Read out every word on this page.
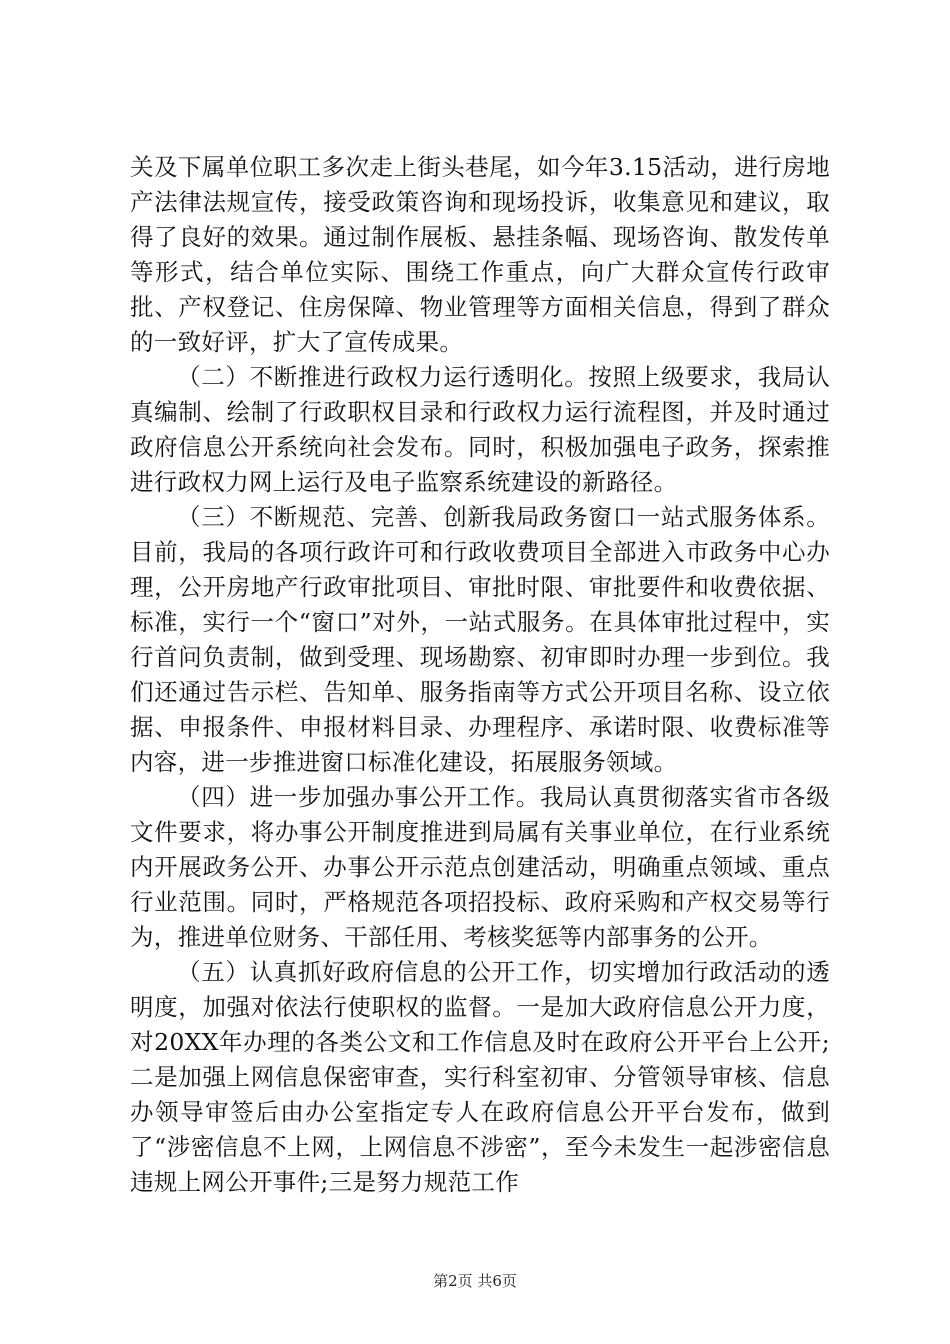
关及下属单位职工多次走上街头巷尾，如今年3.15活动，进行房地产法律法规宣传，接受政策咨询和现场投诉，收集意见和建议，取得了良好的效果。通过制作展板、悬挂条幅、现场咨询、散发传单等形式，结合单位实际、围绕工作重点，向广大群众宣传行政审批、产权登记、住房保障、物业管理等方面相关信息，得到了群众的一致好评，扩大了宣传成果。

（二）不断推进行政权力运行透明化。按照上级要求，我局认真编制、绘制了行政职权目录和行政权力运行流程图，并及时通过政府信息公开系统向社会发布。同时，积极加强电子政务，探索推进行政权力网上运行及电子监察系统建设的新路径。

（三）不断规范、完善、创新我局政务窗口一站式服务体系。目前，我局的各项行政许可和行政收费项目全部进入市政务中心办理，公开房地产行政审批项目、审批时限、审批要件和收费依据、标准，实行一个“窗口”对外，一站式服务。在具体审批过程中，实行首问负责制，做到受理、现场勘察、初审即时办理一步到位。我们还通过告示栏、告知单、服务指南等方式公开项目名称、设立依据、申报条件、申报材料目录、办理程序、承诺时限、收费标准等内容，进一步推进窗口标准化建设，拓展服务领域。

（四）进一步加强办事公开工作。我局认真贯彻落实省市各级文件要求，将办事公开制度推进到局属有关事业单位，在行业系统内开展政务公开、办事公开示范点创建活动，明确重点领域、重点行业范围。同时，严格规范各项招投标、政府采购和产权交易等行为，推进单位财务、干部任用、考核奖惩等内部事务的公开。

（五）认真抓好政府信息的公开工作，切实增加行政活动的透明度，加强对依法行使职权的监督。一是加大政府信息公开力度，对20XX年办理的各类公文和工作信息及时在政府公开平台上公开;二是加强上网信息保密审查，实行科室初审、分管领导审核、信息办领导审签后由办公室指定专人在政府信息公开平台发布，做到了“涉密信息不上网，上网信息不涉密”，至今未发生一起涉密信息违规上网公开事件;三是努力规范工作

第2页 共6页
